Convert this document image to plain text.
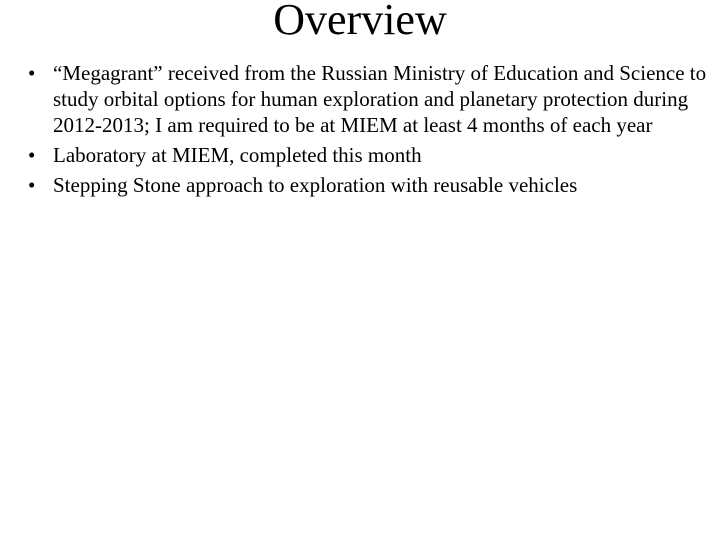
Overview
• “Megagrant” received from the Russian Ministry of Education and Science to study orbital options for human exploration and planetary protection during 2012-2013; I am required to be at MIEM at least 4 months of each year
• Laboratory at MIEM, completed this month
• Stepping Stone approach to exploration with reusable vehicles
